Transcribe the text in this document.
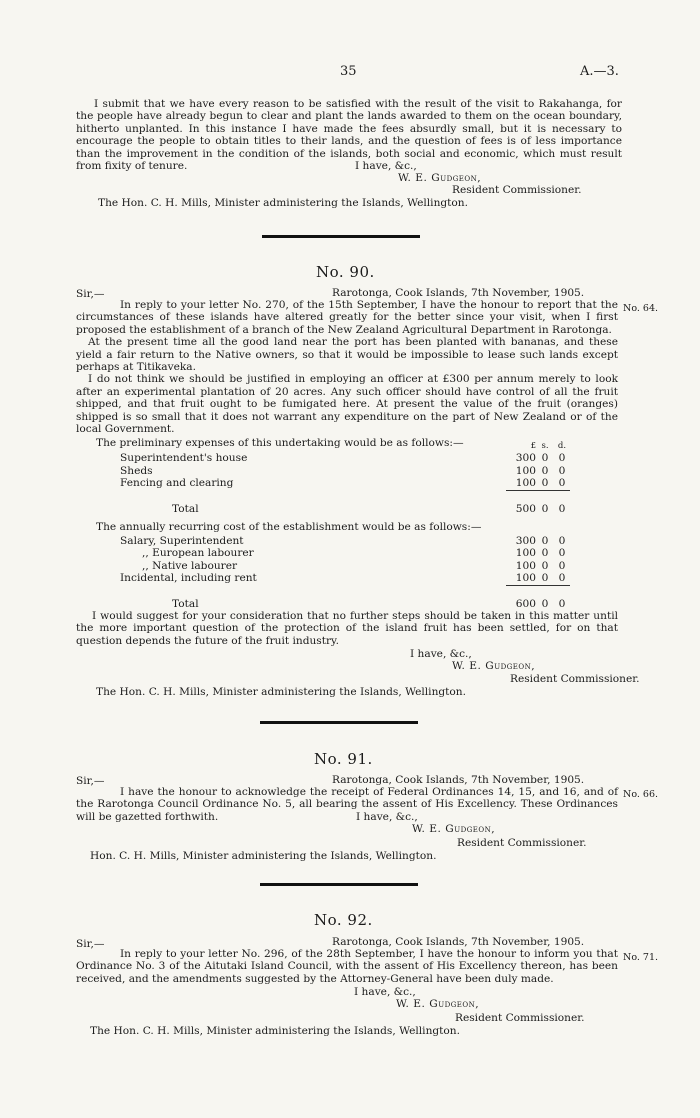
35	A.—3.

I submit that we have every reason to be satisfied with the result of the visit to Rakahanga, for the people have already begun to clear and plant the lands awarded to them on the ocean boundary, hitherto unplanted. In this instance I have made the fees absurdly small, but it is necessary to encourage the people to obtain titles to their lands, and the question of fees is of less importance than the improvement in the condition of the islands, both social and economic, which must result from fixity of tenure.	I have, &c.,
W. E. Gudgeon,
Resident Commissioner.
The Hon. C. H. Mills, Minister administering the Islands, Wellington.
No. 90.
Sir,—	Rarotonga, Cook Islands, 7th November, 1905.
No. 64.

In reply to your letter No. 270, of the 15th September, I have the honour to report that the circumstances of these islands have altered greatly for the better since your visit, when I first proposed the establishment of a branch of the New Zealand Agricultural Department in Rarotonga.

At the present time all the good land near the port has been planted with bananas, and these yield a fair return to the Native owners, so that it would be impossible to lease such lands except perhaps at Titikaveka.

I do not think we should be justified in employing an officer at £300 per annum merely to look after an experimental plantation of 20 acres. Any such officer should have control of all the fruit shipped, and that fruit ought to be fumigated here. At present the value of the fruit (oranges) shipped is so small that it does not warrant any expenditure on the part of New Zealand or of the local Government.

The preliminary expenses of this undertaking would be as follows:—
		£	s.	d.
Superintendent's house	300	0	0
Sheds	100	0	0
Fencing and clearing	100	0	0

Total	500	0	0
The annually recurring cost of the establishment would be as follows:—
Salary, Superintendent	300	0	0
,, European labourer	100	0	0
,, Native labourer	100	0	0
Incidental, including rent	100	0	0

Total	600	0	0

I would suggest for your consideration that no further steps should be taken in this matter until the more important question of the protection of the island fruit has been settled, for on that question depends the future of the fruit industry.

I have, &c.,
W. E. Gudgeon,
Resident Commissioner.
The Hon. C. H. Mills, Minister administering the Islands, Wellington.
No. 91.
Sir,—	Rarotonga, Cook Islands, 7th November, 1905.
No. 66.

I have the honour to acknowledge the receipt of Federal Ordinances 14, 15, and 16, and of the Rarotonga Council Ordinance No. 5, all bearing the assent of His Excellency. These Ordinances will be gazetted forthwith.	I have, &c.,
W. E. Gudgeon,
Resident Commissioner.
Hon. C. H. Mills, Minister administering the Islands, Wellington.
No. 92.
Sir,—	Rarotonga, Cook Islands, 7th November, 1905.
No. 71.

In reply to your letter No. 296, of the 28th September, I have the honour to inform you that Ordinance No. 3 of the Aitutaki Island Council, with the assent of His Excellency thereon, has been received, and the amendments suggested by the Attorney-General have been duly made.

I have, &c.,
W. E. Gudgeon,
Resident Commissioner.
The Hon. C. H. Mills, Minister administering the Islands, Wellington.
